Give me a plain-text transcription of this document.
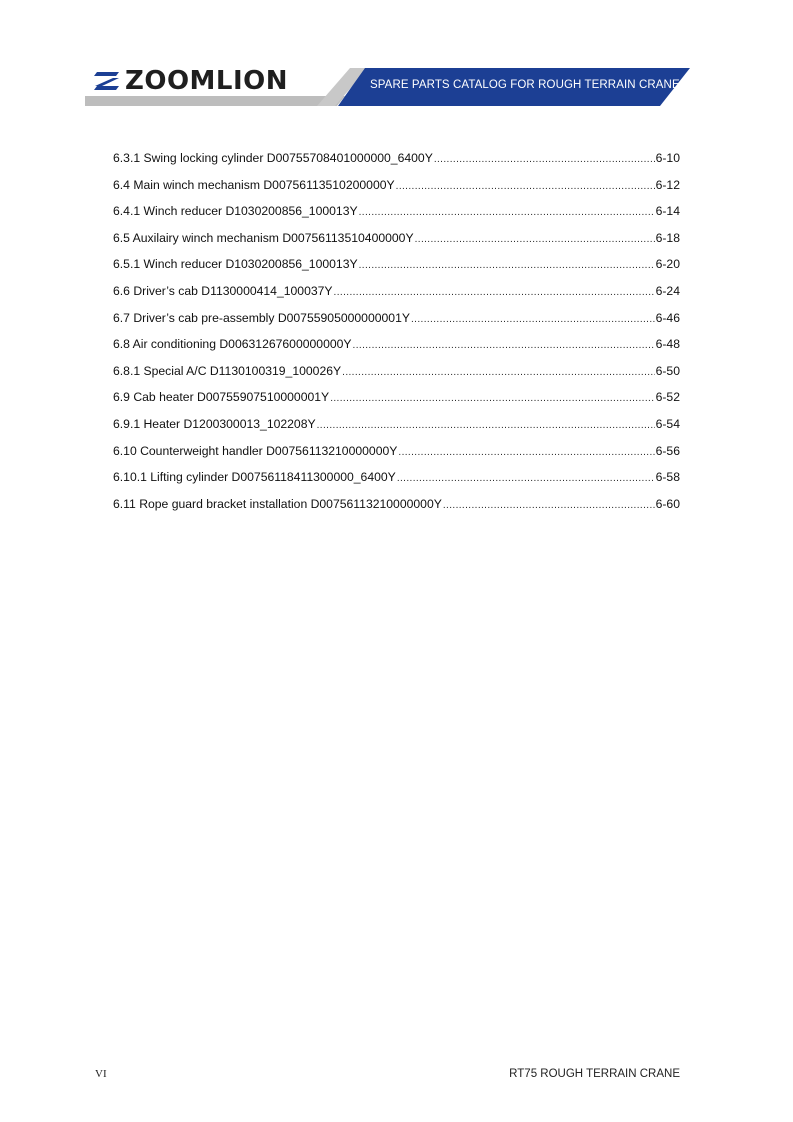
ZOOMLION	SPARE PARTS CATALOG FOR ROUGH TERRAIN CRANE
6.3.1 Swing locking cylinder D00755708401000000_6400Y .....	6-10
6.4 Main winch mechanism D00756113510200000Y .....	6-12
6.4.1 Winch reducer D1030200856_100013Y .....	6-14
6.5 Auxilairy winch mechanism D00756113510400000Y .....	6-18
6.5.1 Winch reducer D1030200856_100013Y .....	6-20
6.6 Driver’s cab D1130000414_100037Y .....	6-24
6.7 Driver’s cab pre-assembly D00755905000000001Y .....	6-46
6.8 Air conditioning D00631267600000000Y .....	6-48
6.8.1 Special A/C D1130100319_100026Y .....	6-50
6.9 Cab heater D00755907510000001Y .....	6-52
6.9.1 Heater D1200300013_102208Y .....	6-54
6.10 Counterweight handler D00756113210000000Y .....	6-56
6.10.1 Lifting cylinder D00756118411300000_6400Y .....	6-58
6.11 Rope guard bracket installation D00756113210000000Y .....	6-60
VI	RT75 ROUGH TERRAIN CRANE
